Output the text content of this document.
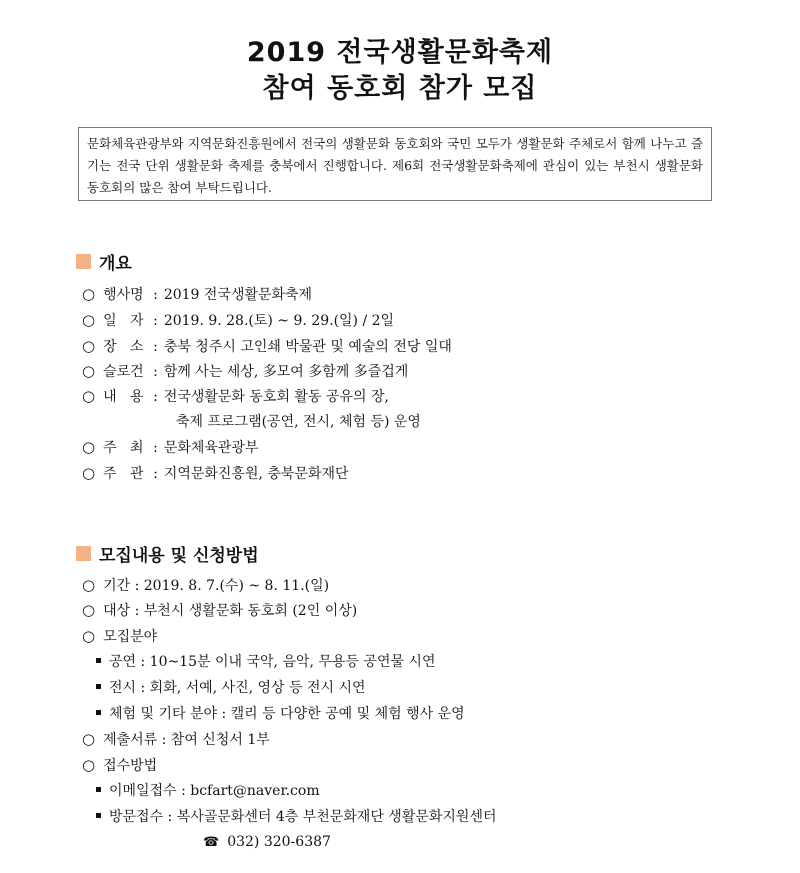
2019 전국생활문화축제
참여 동호회 참가 모집
문화체육관광부와 지역문화진흥원에서 전국의 생활문화 동호회와 국민 모두가 생활문화 주체로서 함께 나누고 즐기는 전국 단위 생활문화 축제를 충북에서 진행합니다. 제6회 전국생활문화축제에 관심이 있는 부천시 생활문화 동호회의 많은 참여 부탁드립니다.
개요
○ 행사명 : 2019 전국생활문화축제
○ 일   자 : 2019. 9. 28.(토) ~ 9. 29.(일) / 2일
○ 장   소 : 충북 청주시 고인쇄 박물관 및 예술의 전당 일대
○ 슬로건 : 함께 사는 세상, 多모여 多함께 多즐겁게
○ 내   용 : 전국생활문화 동호회 활동 공유의 장,
축제 프로그램(공연, 전시, 체험 등) 운영
○ 주   최 : 문화체육관광부
○ 주   관 : 지역문화진흥원, 충북문화재단
모집내용 및 신청방법
○ 기간 : 2019. 8. 7.(수) ~ 8. 11.(일)
○ 대상 : 부천시 생활문화 동호회 (2인 이상)
○ 모집분야
공연 : 10~15분 이내 국악, 음악, 무용등 공연물 시연
전시 : 회화, 서예, 사진, 영상 등 전시 시연
체험 및 기타 분야 : 캘리 등 다양한 공예 및 체험 행사 운영
○ 제출서류 : 참여 신청서 1부
○ 접수방법
이메일접수 : bcfart@naver.com
방문접수 : 복사골문화센터 4층 부천문화재단 생활문화지원센터
☎ 032) 320-6387
